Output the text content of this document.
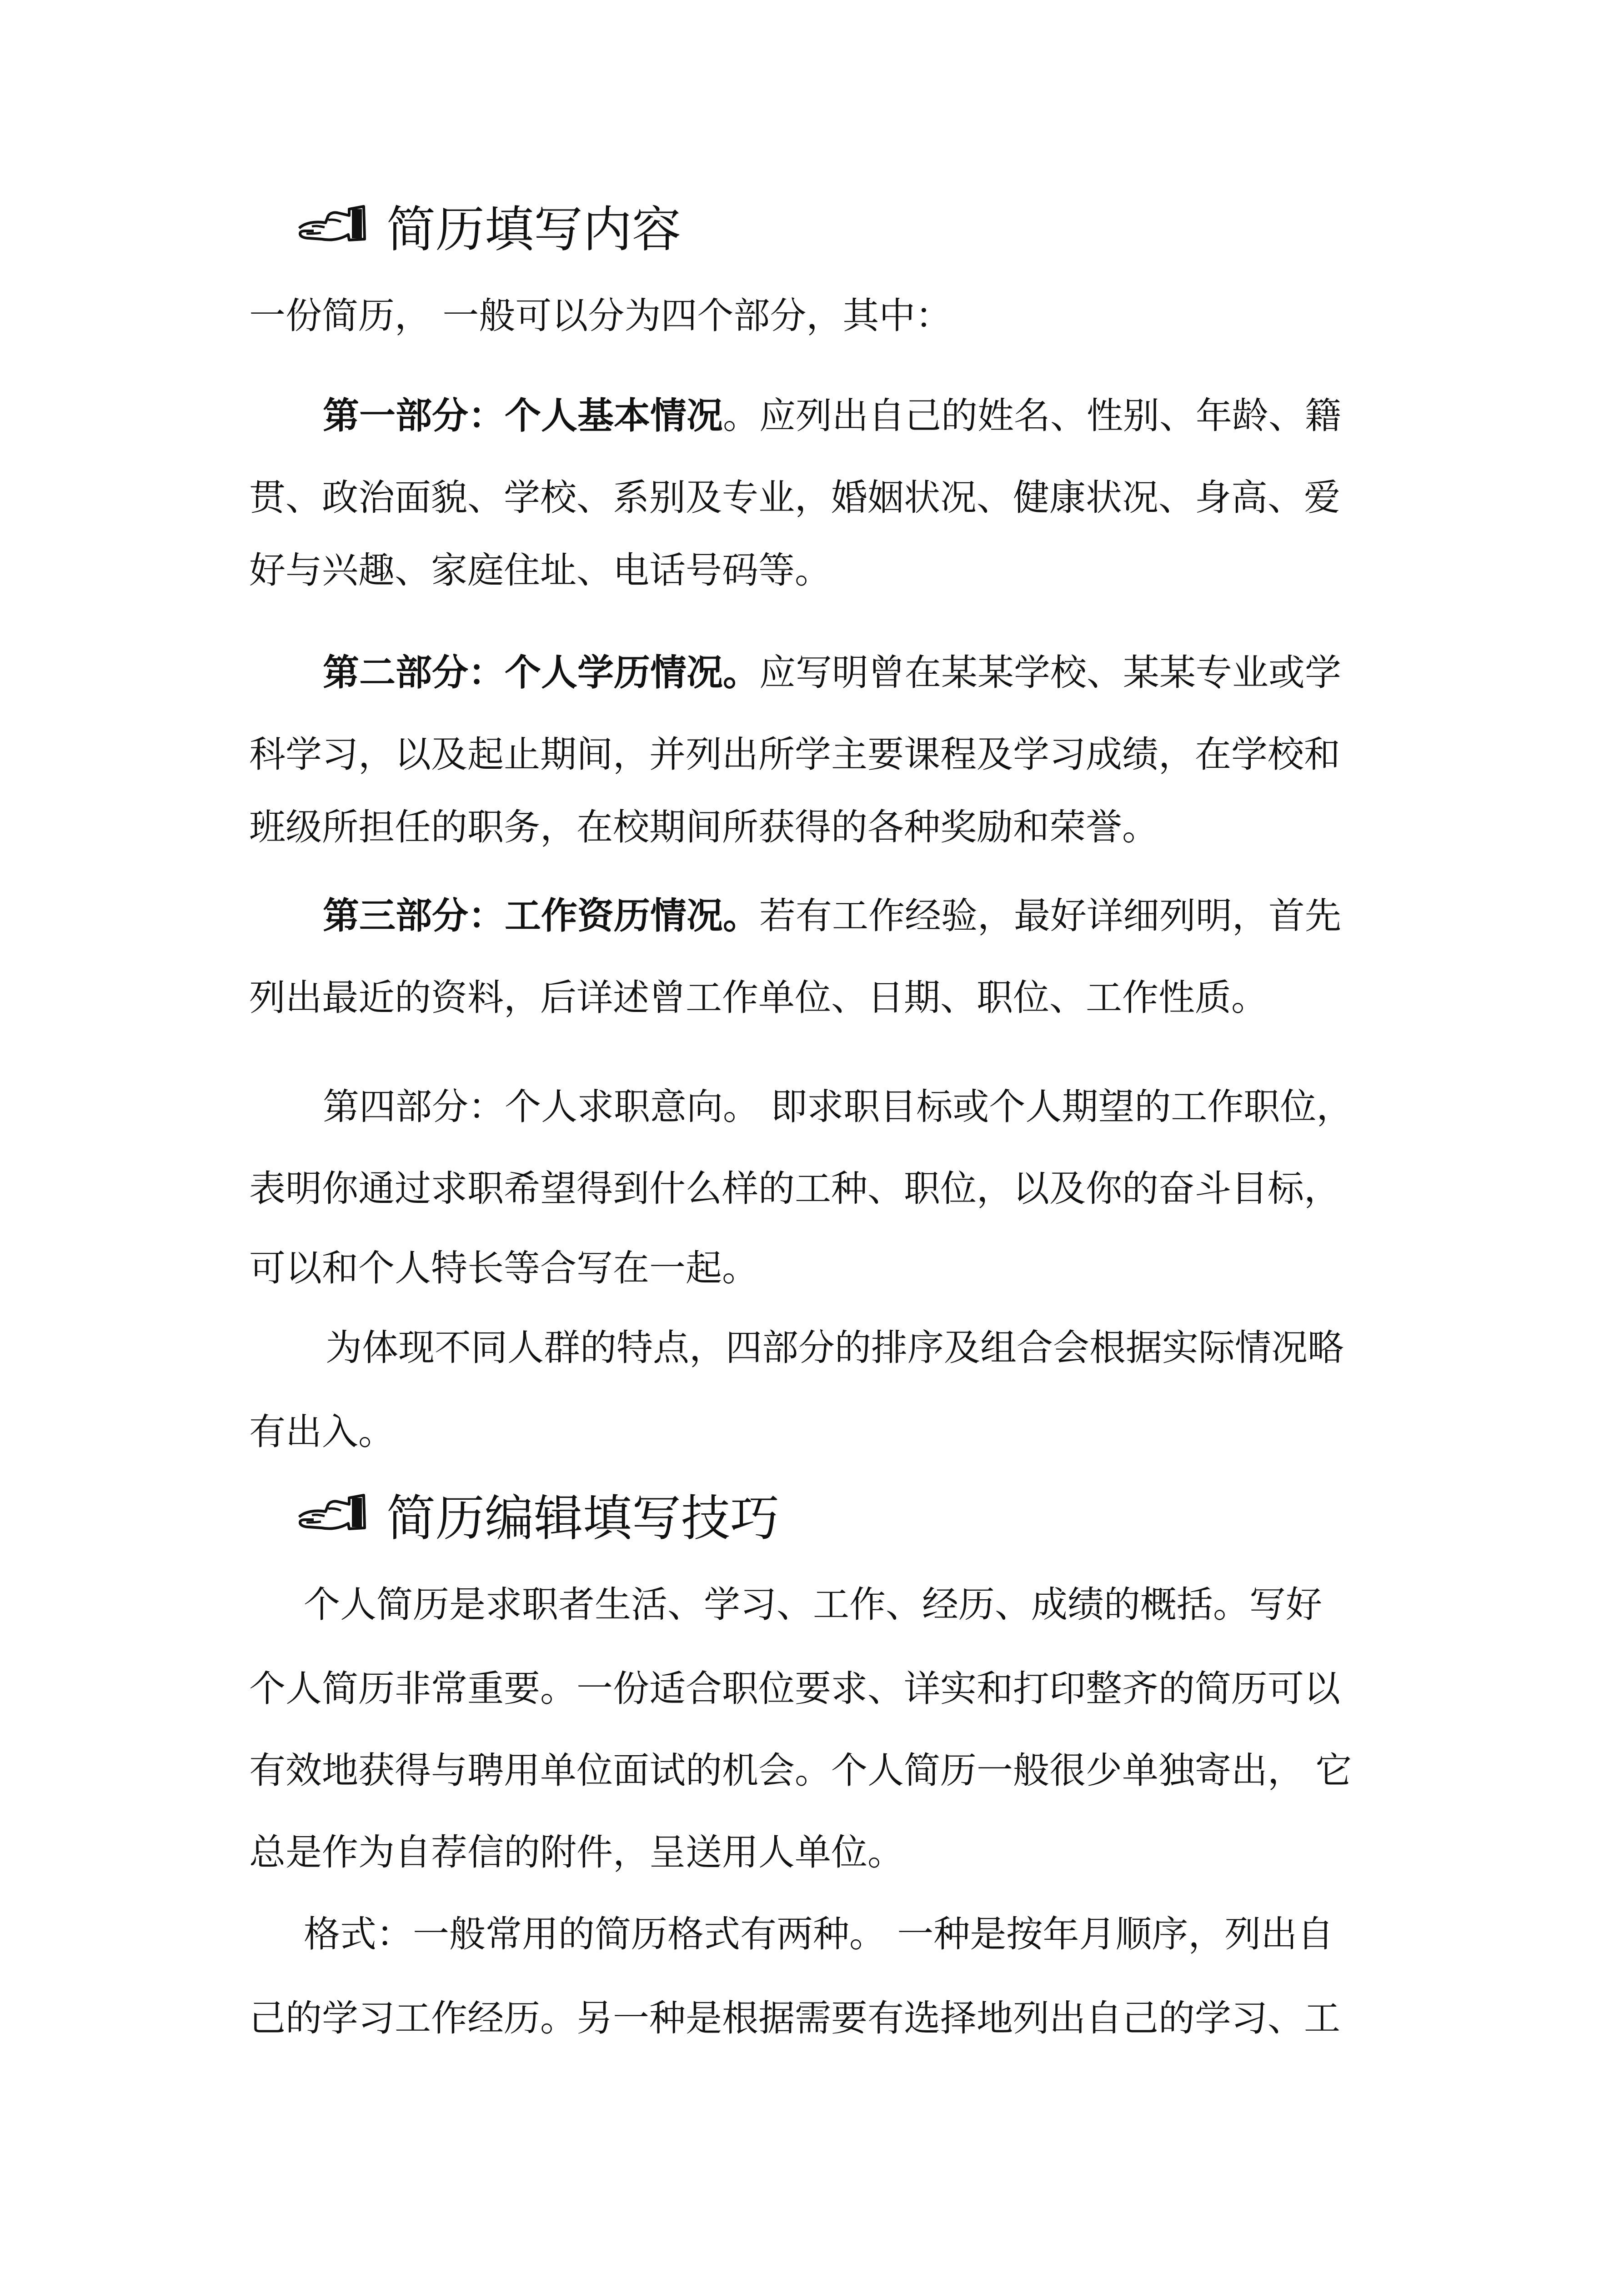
简历填写内容
一份简历， 一般可以分为四个部分，其中：
第一部分：个人基本情况。应列出自己的姓名、性别、年龄、籍
贯、政治面貌、学校、系别及专业，婚姻状况、健康状况、身高、爱
好与兴趣、家庭住址、电话号码等。
第二部分：个人学历情况。应写明曾在某某学校、某某专业或学
科学习，以及起止期间，并列出所学主要课程及学习成绩，在学校和
班级所担任的职务，在校期间所获得的各种奖励和荣誉。
第三部分：工作资历情况。若有工作经验，最好详细列明，首先
列出最近的资料，后详述曾工作单位、日期、职位、工作性质。
第四部分：个人求职意向。 即求职目标或个人期望的工作职位，
表明你通过求职希望得到什么样的工种、职位，以及你的奋斗目标，
可以和个人特长等合写在一起。
为体现不同人群的特点，四部分的排序及组合会根据实际情况略
有出入。
简历编辑填写技巧
个人简历是求职者生活、学习、工作、经历、成绩的概括。写好
个人简历非常重要。一份适合职位要求、详实和打印整齐的简历可以
有效地获得与聘用单位面试的机会。个人简历一般很少单独寄出， 它
总是作为自荐信的附件，呈送用人单位。
格式：一般常用的简历格式有两种。 一种是按年月顺序，列出自
己的学习工作经历。另一种是根据需要有选择地列出自己的学习、工
